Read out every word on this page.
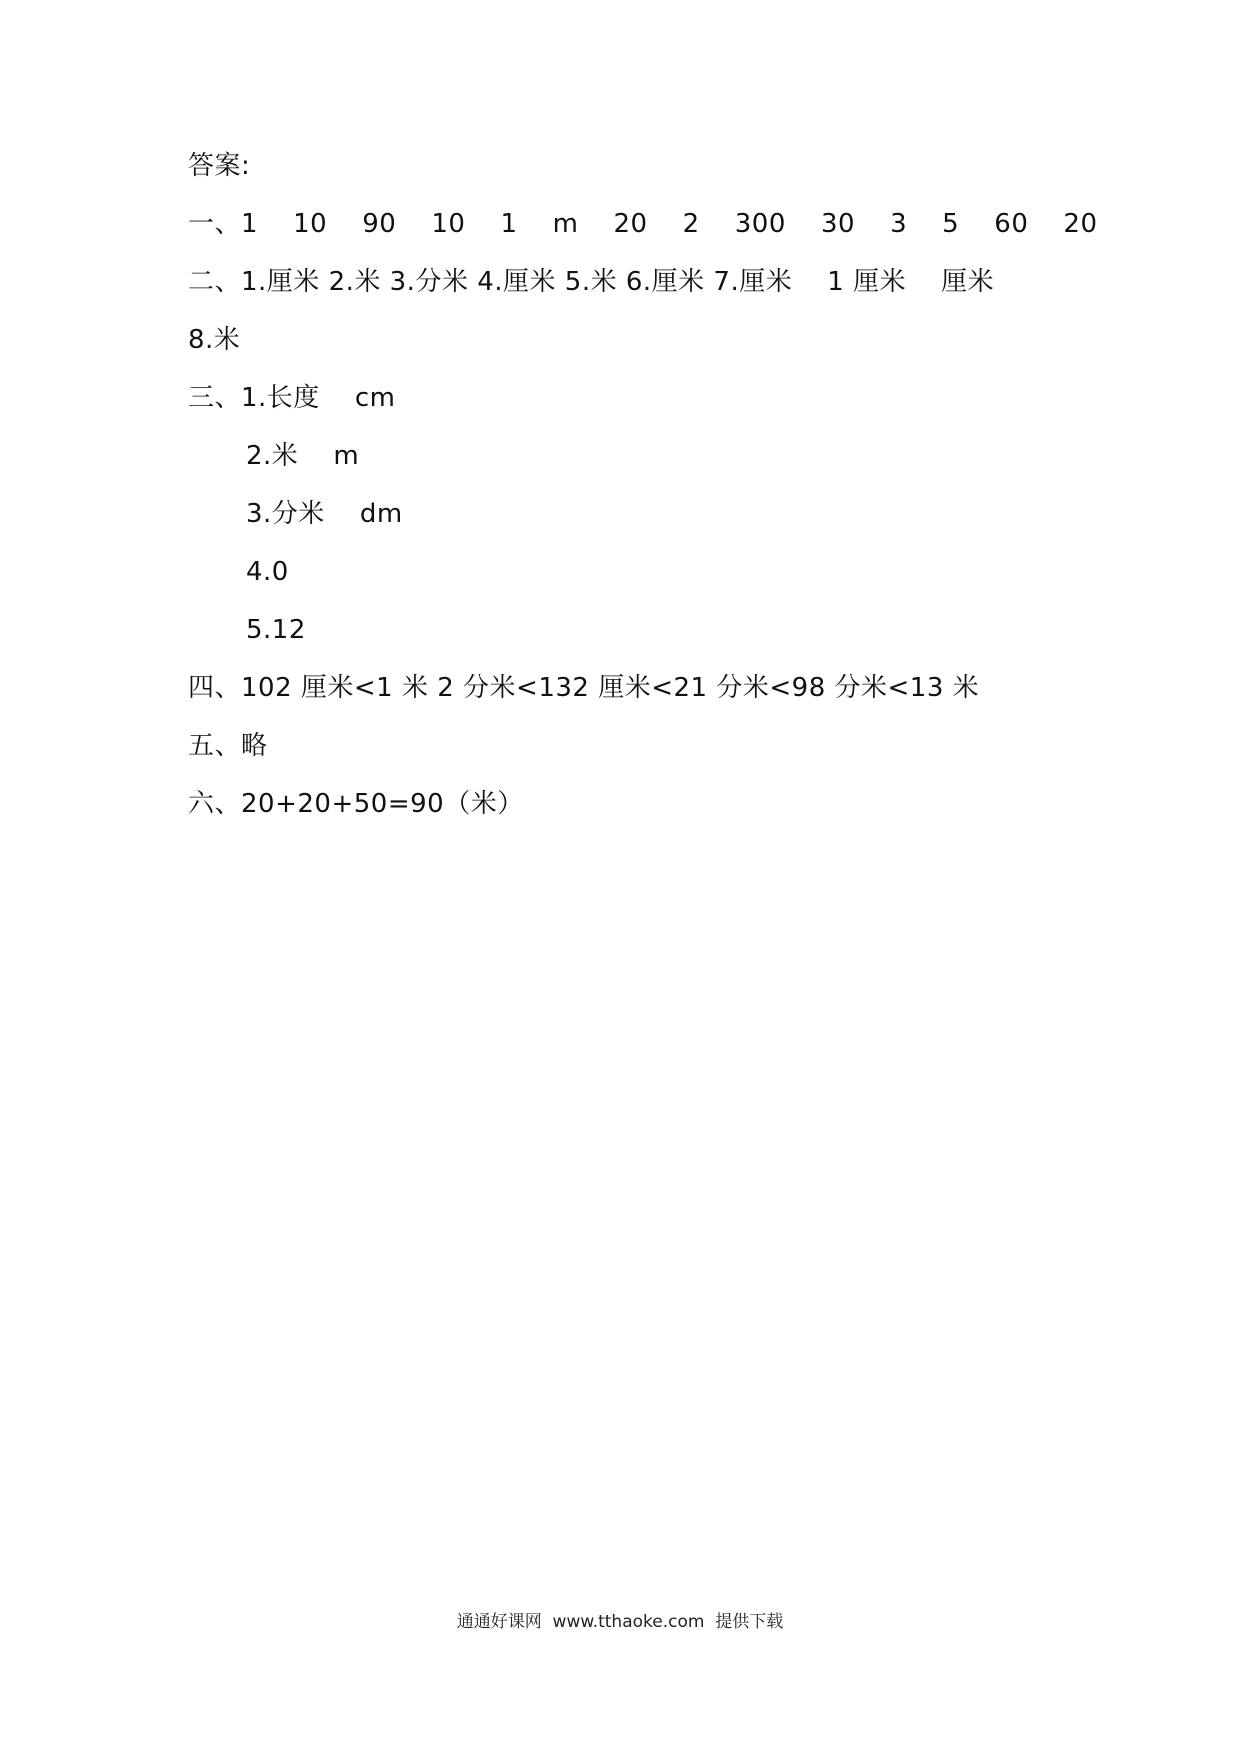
答案:
一、1    10    90    10    1    m    20    2    300    30    3    5    60    20
二、1.厘米 2.米 3.分米 4.厘米 5.米 6.厘米 7.厘米    1 厘米    厘米
8.米
三、1.长度    cm
2.米    m
3.分米    dm
4.0
5.12
四、102 厘米<1 米 2 分米<132 厘米<21 分米<98 分米<13 米
五、略
六、20+20+50=90（米）
通通好课网  www.tthaoke.com  提供下载
